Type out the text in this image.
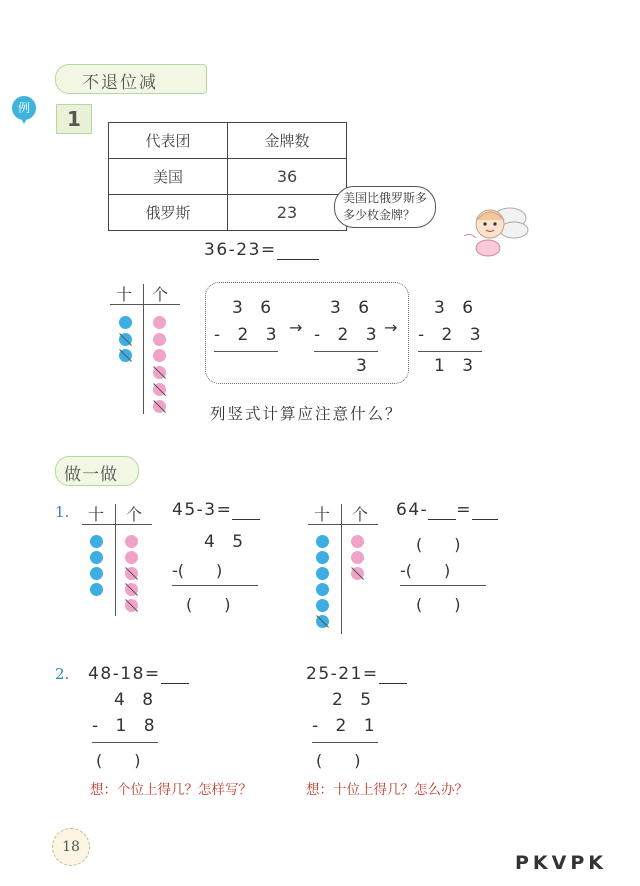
不退位减
例	1
代表团	金牌数
美国	36
俄罗斯	23
美国比俄罗斯多多少枚金牌？
36-23=
十 个
3 6
- 2 3 →
3 6
- 2 3
3
→
3 6
- 2 3
1 3
列竖式计算应注意什么？
做一做
1. 十 个 45-3=
4 5
-(　　)
(　　)
十 个 64- =
(　　)
-(　　)
(　　)
2. 48-18=
4 8
- 1 8
(　　)
想：个位上得几？怎样写？
25-21=
2 5
- 2 1
(　　)
想：十位上得几？怎么办？
18
PKVPK
